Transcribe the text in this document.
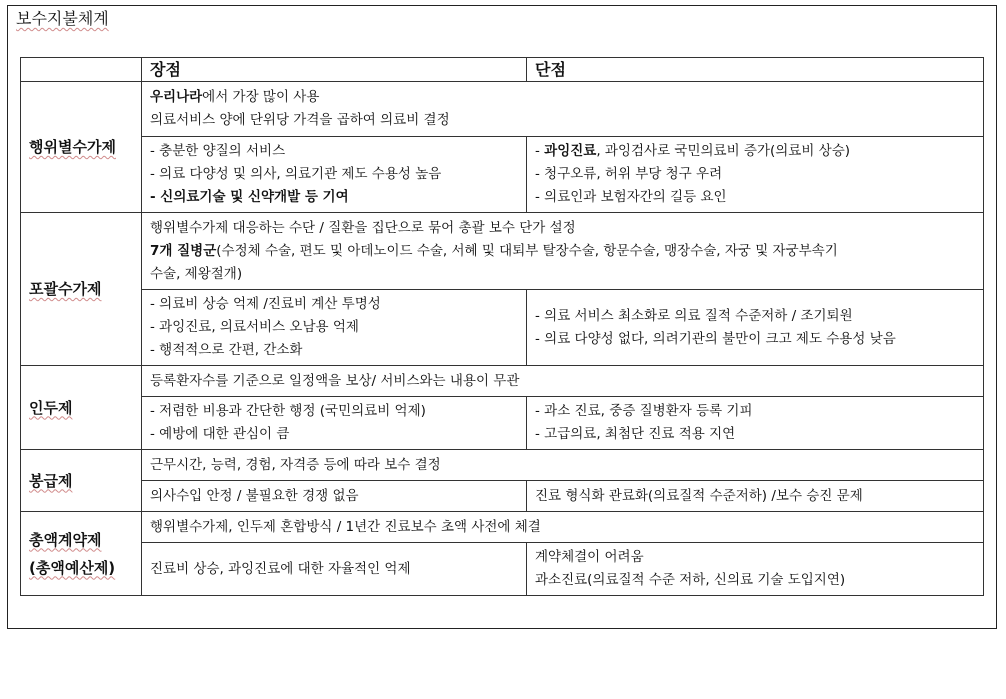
보수지불체계
	장점	단점

행위별수가제	우리나라에서 가장 많이 사용
의료서비스 양에 단위당 가격을 곱하여 의료비 결정	

	- 충분한 양질의 서비스
- 의료 다양성 및 의사, 의료기관 제도 수용성 높음
- 신의료기술 및 신약개발 등 기여	- 과잉진료, 과잉검사로 국민의료비 증가(의료비 상승)
- 청구오류, 허위 부당 청구 우려
- 의료인과 보험자간의 길등 요인

포괄수가제	행위별수가제 대응하는 수단 / 질환을 집단으로 묶어 총괄 보수 단가 설정
7개 질병군(수정체 수술, 편도 및 아데노이드 수술, 서혜 및 대퇴부 탈장수술, 항문수술, 맹장수술, 자궁 및 자궁부속기
수술, 제왕절개)	

	- 의료비 상승 억제 /진료비 계산 투명성
- 과잉진료, 의료서비스 오남용 억제
- 행적적으로 간편, 간소화	- 의료 서비스 최소화로 의료 질적 수준저하 / 조기퇴원
- 의료 다양성 없다, 의려기관의 불만이 크고 제도 수용성 낮음

인두제	등록환자수를 기준으로 일정액을 보상/ 서비스와는 내용이 무관	

	- 저렴한 비용과 간단한 행정 (국민의료비 억제)
- 예방에 대한 관심이 큼	- 과소 진료, 중증 질병환자 등록 기피
- 고급의료, 최첨단 진료 적용 지연

봉급제	근무시간, 능력, 경험, 자격증 등에 따라 보수 결정	

	의사수입 안정 / 불필요한 경쟁 없음	진료 형식화 관료화(의료질적 수준저하) /보수 승진 문제

총액계약제
(총액예산제)	행위별수가제, 인두제 혼합방식 / 1년간 진료보수 초액 사전에 체결	

	진료비 상승, 과잉진료에 대한 자율적인 억제	계약체결이 어려움
과소진료(의료질적 수준 저하, 신의료 기술 도입지연)
